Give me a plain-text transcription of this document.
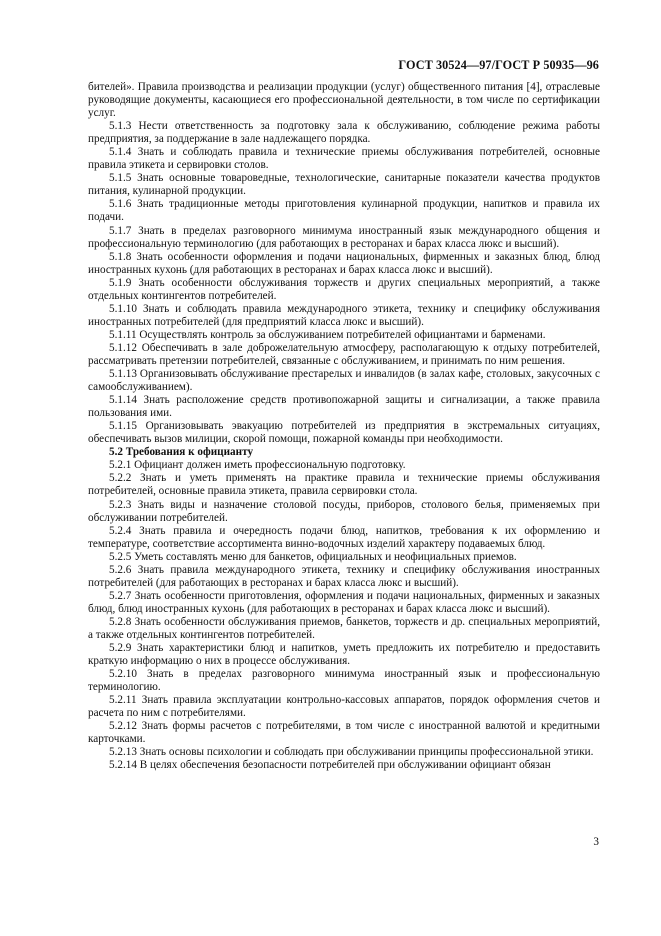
ГОСТ 30524—97/ГОСТ Р 50935—96

бителей». Правила производства и реализации продукции (услуг) общественного питания [4], отраслевые руководящие документы, касающиеся его профессиональной деятельности, в том числе по сертификации услуг.

5.1.3 Нести ответственность за подготовку зала к обслуживанию, соблюдение режима работы предприятия, за поддержание в зале надлежащего порядка.

5.1.4 Знать и соблюдать правила и технические приемы обслуживания потребителей, основные правила этикета и сервировки столов.

5.1.5 Знать основные товароведные, технологические, санитарные показатели качества продуктов питания, кулинарной продукции.

5.1.6 Знать традиционные методы приготовления кулинарной продукции, напитков и правила их подачи.

5.1.7 Знать в пределах разговорного минимума иностранный язык международного общения и профессиональную терминологию (для работающих в ресторанах и барах класса люкс и высший).

5.1.8 Знать особенности оформления и подачи национальных, фирменных и заказных блюд, блюд иностранных кухонь (для работающих в ресторанах и барах класса люкс и высший).

5.1.9 Знать особенности обслуживания торжеств и других специальных мероприятий, а также отдельных контингентов потребителей.

5.1.10 Знать и соблюдать правила международного этикета, технику и специфику обслуживания иностранных потребителей (для предприятий класса люкс и высший).

5.1.11 Осуществлять контроль за обслуживанием потребителей официантами и барменами.

5.1.12 Обеспечивать в зале доброжелательную атмосферу, располагающую к отдыху потребителей, рассматривать претензии потребителей, связанные с обслуживанием, и принимать по ним решения.

5.1.13 Организовывать обслуживание престарелых и инвалидов (в залах кафе, столовых, закусочных с самообслуживанием).

5.1.14 Знать расположение средств противопожарной защиты и сигнализации, а также правила пользования ими.

5.1.15 Организовывать эвакуацию потребителей из предприятия в экстремальных ситуациях, обеспечивать вызов милиции, скорой помощи, пожарной команды при необходимости.

5.2 Требования к официанту

5.2.1 Официант должен иметь профессиональную подготовку.

5.2.2 Знать и уметь применять на практике правила и технические приемы обслуживания потребителей, основные правила этикета, правила сервировки стола.

5.2.3 Знать виды и назначение столовой посуды, приборов, столового белья, применяемых при обслуживании потребителей.

5.2.4 Знать правила и очередность подачи блюд, напитков, требования к их оформлению и температуре, соответствие ассортимента винно-водочных изделий характеру подаваемых блюд.

5.2.5 Уметь составлять меню для банкетов, официальных и неофициальных приемов.

5.2.6 Знать правила международного этикета, технику и специфику обслуживания иностранных потребителей (для работающих в ресторанах и барах класса люкс и высший).

5.2.7 Знать особенности приготовления, оформления и подачи национальных, фирменных и заказных блюд, блюд иностранных кухонь (для работающих в ресторанах и барах класса люкс и высший).

5.2.8 Знать особенности обслуживания приемов, банкетов, торжеств и др. специальных мероприятий, а также отдельных контингентов потребителей.

5.2.9 Знать характеристики блюд и напитков, уметь предложить их потребителю и предоставить краткую информацию о них в процессе обслуживания.

5.2.10 Знать в пределах разговорного минимума иностранный язык и профессиональную терминологию.

5.2.11 Знать правила эксплуатации контрольно-кассовых аппаратов, порядок оформления счетов и расчета по ним с потребителями.

5.2.12 Знать формы расчетов с потребителями, в том числе с иностранной валютой и кредитными карточками.

5.2.13 Знать основы психологии и соблюдать при обслуживании принципы профессиональной этики.

5.2.14 В целях обеспечения безопасности потребителей при обслуживании официант обязан

3
